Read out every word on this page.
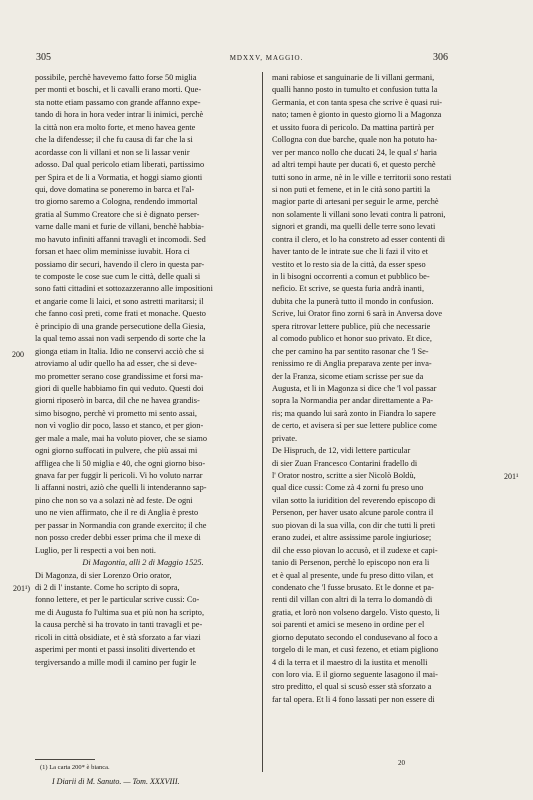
305	MDXXV, MAGGIO.	306
200
201¹)
201¹
possibile, perchè havevemo fatto forse 50 miglia
per monti et boschi, et li cavalli erano morti. Que-
sta notte etiam passamo con grande affanno expe-
tando di hora in hora veder intrar li inimici, perchè
la città non era molto forte, et meno havea gente
che la difendesse; il che fu causa di far che la si
acordasse con li villani et non se li lassar venir
adosso. Dal qual pericolo etiam liberati, partissimo
per Spira et de li a Vormatia, et hoggi siamo gionti
qui, dove domatina se poneremo in barca et l'al-
tro giorno saremo a Cologna, rendendo immortal
gratia al Summo Creatore che si è dignato perser-
varne dalle mani et furie de villani, benchè habbia-
mo havuto infiniti affanni travagli et incomodi. Sed
forsan et haec olim meminisse iuvabit. Hora ci
possiamo dir securi, havendo il clero in questa par-
te composte le cose sue cum le città, delle quali si
sono fatti cittadini et sottozazzeranno alle impositioni
et angarie come li laici, et sono astretti maritarsi; il
che fanno così preti, come frati et monache. Questo
è principio di una grande persecutione della Giesia,
la qual temo assai non vadi serpendo di sorte che la
gionga etiam in Italia. Idio ne conservi acciò che si
atroviamo al udir quello ha ad esser, che si deve-
mo prometter serano cose grandissime et forsi ma-
giori di quelle habbiamo fin qui veduto. Questi doi
giorni riposerò in barca, dil che ne havea grandis-
simo bisogno, perchè vi prometto mi sento assai,
non vì voglio dir poco, lasso et stanco, et per gion-
ger male a male, mai ha voluto piover, che se siamo
ogni giorno suffocati in pulvere, che più assai mi
affligea che li 50 miglia e 40, che ogni giorno biso-
gnava far per fuggir li pericoli. Vi ho voluto narrar
li affanni nostri, aziò che quelli li intenderanno sap-
pino che non so va a solazi nè ad feste. De ogni
uno ne vien affirmato, che il re di Anglia è presto
per passar in Normandia con grande exercito; il che
non posso creder debbi esser prima che il mexe di
Luglio, per li respecti a voi ben noti.
Di Magontia, alli 2 di Maggio 1525.
Di Magonza, di sier Lorenzo Orio orator,
di 2 di l' instante. Come ho scripto di sopra,
fonno lettere, et per le particular scrive cussi: Co-
me di Augusta fo l'ultima sua et più non ha scripto,
la causa perchè si ha trovato in tanti travagli et pe-
ricoli in città obsidiate, et è stà sforzato a far viazi
asperimi per monti et passi insoliti divertendo et
tergiversando a mille modi il camino per fugir le
mani rabiose et sanguinarie de li villani germani,
qualli hanno posto in tumulto et confusion tutta la
Germania, et con tanta spesa che scrive è quasi rui-
nato; tamen è gionto in questo giorno li a Magonza
et ussito fuora di pericolo. Da mattina partirà per
Collogna con due barche, quale non ha potuto ha-
ver per manco nollo che ducati 24, le qual s' haria
ad altri tempi haute per ducati 6, et questo perchè
tutti sono in arme, nè in le ville e territorii sono restati
si non puti et femene, et in le cità sono partiti la
magior parte di artesani per seguir le arme, perchè
non solamente li villani sono levati contra li patroni,
signori et grandi, ma quelli delle terre sono levati
contra il clero, et lo ha constreto ad esser contenti di
haver tanto de le intrate sue che li fazi il vito et
vestito et lo resto sia de la città, da esser speso
in li bisogni occorrenti a comun et pubblico be-
neficio. Et scrive, se questa furia andrà inanti,
dubita che la punerà tutto il mondo in confusion.
Scrive, lui Orator fino zorni 6 sarà in Anversa dove
spera ritrovar lettere publice, più che necessarie
al comodo publico et honor suo privato. Et dice,
che per camino ha par sentito rasonar che 'l Se-
renissimo re di Anglia preparava zente per inva-
der la Franza, sicome etiam scrisse per sue da
Augusta, et li in Magonza si dice che 'l vol passar
sopra la Normandia per andar direttamente a Pa-
ris; ma quando lui sarà zonto in Fiandra lo sapere
de certo, et avisera sì per sue lettere publice come
private.
De Hispruch, de 12, vidi lettere particular
di sier Zuan Francesco Contarini fradello di
l' Orator nostro, scritte a sier Nicolò Boldù,
qual dice cussi: Come zà 4 zorni fu preso uno
vilan sotto la iuridition del reverendo episcopo di
Persenon, per haver usato alcune parole contra il
suo piovan di la sua villa, con dir che tutti li preti
erano zudei, et altre assissime parole ingiuriose;
dil che esso piovan lo accusò, et il zudexe et capi-
tanio di Persenon, perchè lo episcopo non era li
et è qual al presente, unde fu preso ditto vilan, et
condenato che 'l fusse brusato. Et le donne et pa-
renti dil villan con altri di la terra lo domandò di
gratia, et lorò non volseno dargelo. Visto questo, li
soi parenti et amici se meseno in ordine per el
giorno deputato secondo el condusevano al foco a
torgelo di le man, et cusì fezeno, et etiam pigliono
4 di la terra et il maestro di la iustita et menolli
con loro via. E il giorno seguente lasagono il mai-
stro preditto, el qual si scusò esser stà sforzato a
far tal opera. Et li 4 fono lassati per non essere di
(1) La carta 200* è bianca.
I Diarii di M. Sanuto. — Tom. XXXVIII.
20
